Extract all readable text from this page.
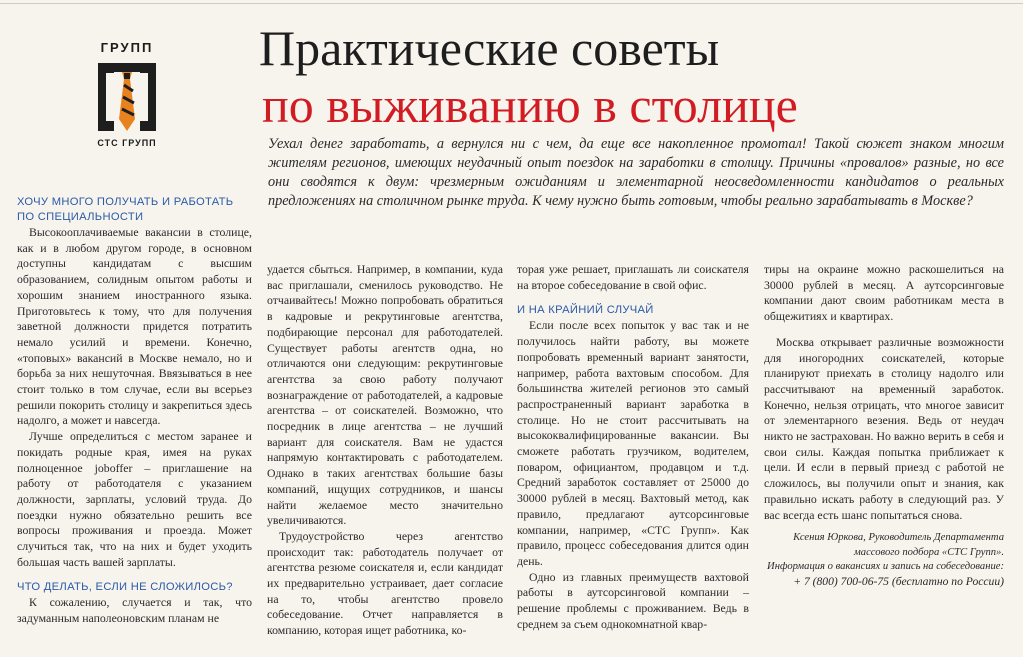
ГРУПП
СТС ГРУПП
Практические советы
по выживанию в столице

Уехал денег заработать, а вернулся ни с чем, да еще все накопленное промотал! Такой сюжет знаком многим жителям регионов, имеющих неудачный опыт поездок на заработки в столицу. Причины «провалов» разные, но все они сводятся к двум: чрезмерным ожиданиям и элементарной неосведомленности кандидатов о реальных предложениях на столичном рынке труда. К чему нужно быть готовым, чтобы реально зарабатывать в Москве?

ХОЧУ МНОГО ПОЛУЧАТЬ И РАБОТАТЬ ПО СПЕЦИАЛЬНОСТИ

Высокооплачиваемые вакансии в столице, как и в любом другом городе, в основном доступны кандидатам с высшим образованием, солидным опытом работы и хорошим знанием иностранного языка. Приготовьтесь к тому, что для получения заветной должности придется потратить немало усилий и времени. Конечно, «топовых» вакансий в Москве немало, но и борьба за них нешуточная. Ввязываться в нее стоит только в том случае, если вы всерьез решили покорить столицу и закрепиться здесь надолго, а может и навсегда.

Лучше определиться с местом заранее и покидать родные края, имея на руках полноценное joboffer – приглашение на работу от работодателя с указанием должности, зарплаты, условий труда. До поездки нужно обязательно решить все вопросы проживания и проезда. Может случиться так, что на них и будет уходить большая часть вашей зарплаты.

ЧТО ДЕЛАТЬ, ЕСЛИ НЕ СЛОЖИЛОСЬ?

К сожалению, случается и так, что задуманным наполеоновским планам не

удается сбыться. Например, в компании, куда вас приглашали, сменилось руководство. Не отчаивайтесь! Можно попробовать обратиться в кадровые и рекрутинговые агентства, подбирающие персонал для работодателей. Существует работы агентств одна, но отличаются они следующим: рекрутинговые агентства за свою работу получают вознаграждение от работодателей, а кадровые агентства – от соискателей. Возможно, что посредник в лице агентства – не лучший вариант для соискателя. Вам не удастся напрямую контактировать с работодателем. Однако в таких агентствах большие базы компаний, ищущих сотрудников, и шансы найти желаемое место значительно увеличиваются.

Трудоустройство через агентство происходит так: работодатель получает от агентства резюме соискателя и, если кандидат их предварительно устраивает, дает согласие на то, чтобы агентство провело собеседование. Отчет направляется в компанию, которая ищет работника, ко-

торая уже решает, приглашать ли соискателя на второе собеседование в свой офис.

И НА КРАЙНИЙ СЛУЧАЙ

Если после всех попыток у вас так и не получилось найти работу, вы можете попробовать временный вариант занятости, например, работа вахтовым способом. Для большинства жителей регионов это самый распространенный вариант заработка в столице. Но не стоит рассчитывать на высококвалифицированные вакансии. Вы сможете работать грузчиком, водителем, поваром, официантом, продавцом и т.д. Средний заработок составляет от 25000 до 30000 рублей в месяц. Вахтовый метод, как правило, предлагают аутсорсинговые компании, например, «СТС Групп». Как правило, процесс собеседования длится один день.

Одно из главных преимуществ вахтовой работы в аутсорсинговой компании – решение проблемы с проживанием. Ведь в среднем за съем однокомнатной квар-

тиры на окраине можно раскошелиться на 30000 рублей в месяц. А аутсорсинговые компании дают своим работникам места в общежитиях и квартирах.

Москва открывает различные возможности для иногородних соискателей, которые планируют приехать в столицу надолго или рассчитывают на временный заработок. Конечно, нельзя отрицать, что многое зависит от элементарного везения. Ведь от неудач никто не застрахован. Но важно верить в себя и свои силы. Каждая попытка приближает к цели. И если в первый приезд с работой не сложилось, вы получили опыт и знания, как правильно искать работу в следующий раз. У вас всегда есть шанс попытаться снова.

Ксения Юркова, Руководитель Департамента массового подбора «СТС Групп».
Информация о вакансиях и запись на собеседование:
+ 7 (800) 700-06-75 (бесплатно по России)
